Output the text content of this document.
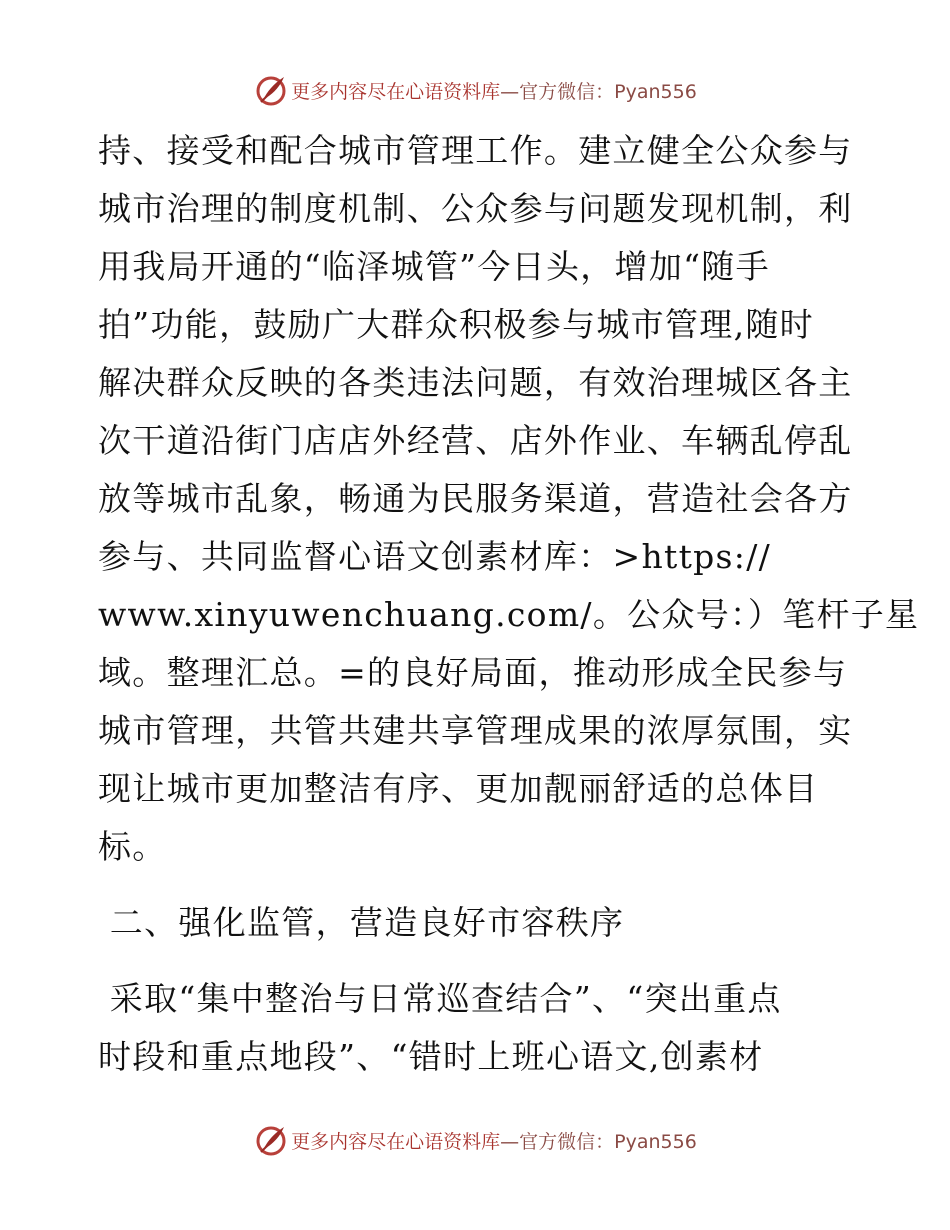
更多内容尽在心语资料库 —官方微信：Pyan556
持、接受和配合城市管理工作。建立健全公众参与
城市治理的制度机制、公众参与问题发现机制，利
用我局开通的“临泽城管”今日头，增加“随手
拍”功能，鼓励广大群众积极参与城市管理,随时
解决群众反映的各类违法问题，有效治理城区各主
次干道沿街门店店外经营、店外作业、车辆乱停乱
放等城市乱象，畅通为民服务渠道，营造社会各方
参与、共同监督心语文创素材库：>https://
www.xinyuwenchuang.com/。公众号：）笔杆子星
域。整理汇总。=的良好局面，推动形成全民参与
城市管理，共管共建共享管理成果的浓厚氛围，实
现让城市更加整洁有序、更加靓丽舒适的总体目
标。
二、强化监管，营造良好市容秩序
采取“集中整治与日常巡查结合”、“突出重点
时段和重点地段”、“错时上班心语文,创素材
更多内容尽在心语资料库 —官方微信：Pyan556
